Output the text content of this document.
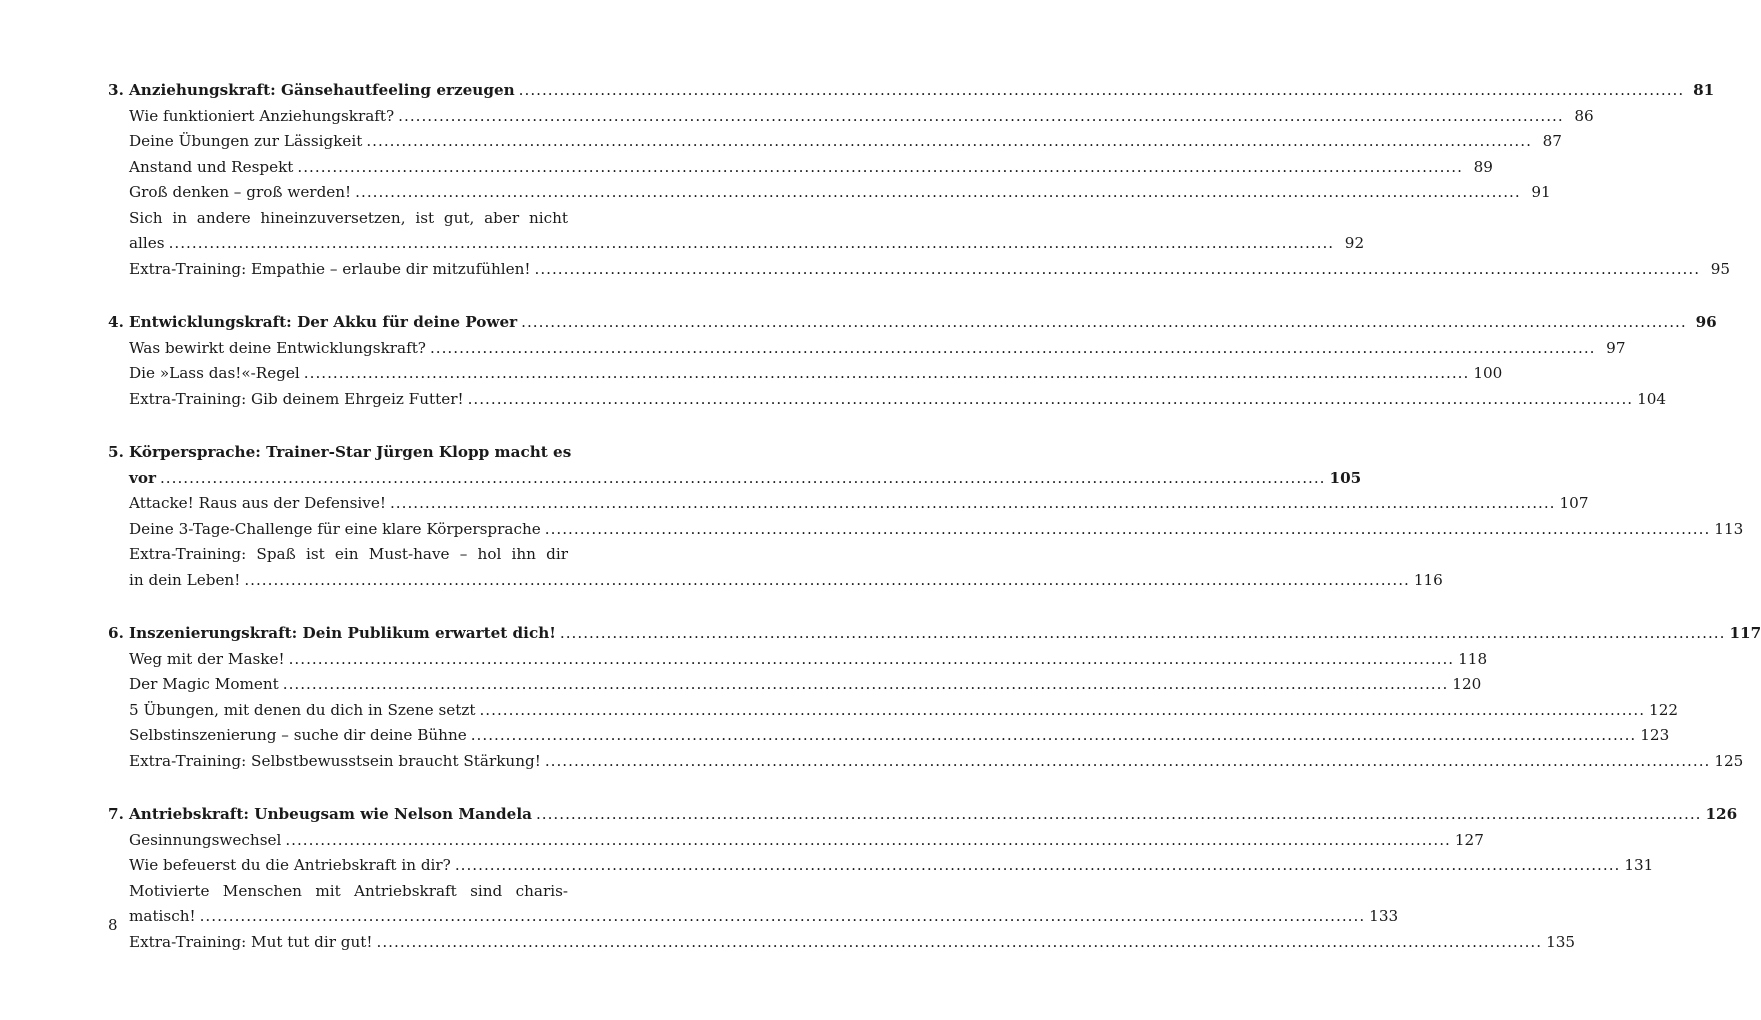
3. Anziehungskraft: Gänsehautfeeling erzeugen ........................................................................................................................................................................................................ 81
Wie funktioniert Anziehungskraft? ........................................................................................................................................................................................................ 86
Deine Übungen zur Lässigkeit ........................................................................................................................................................................................................ 87
Anstand und Respekt ........................................................................................................................................................................................................ 89
Groß denken – groß werden! ........................................................................................................................................................................................................ 91
Sich in andere hineinzuversetzen, ist gut, aber nicht
alles ........................................................................................................................................................................................................ 92
Extra-Training: Empathie – erlaube dir mitzufühlen! ........................................................................................................................................................................................................ 95
4. Entwicklungskraft: Der Akku für deine Power ........................................................................................................................................................................................................ 96
Was bewirkt deine Entwicklungskraft? ........................................................................................................................................................................................................ 97
Die »Lass das!«-Regel ........................................................................................................................................................................................................ 100
Extra-Training: Gib deinem Ehrgeiz Futter! ........................................................................................................................................................................................................ 104
5. Körpersprache: Trainer-Star Jürgen Klopp macht es
vor ........................................................................................................................................................................................................ 105
Attacke! Raus aus der Defensive! ........................................................................................................................................................................................................ 107
Deine 3-Tage-Challenge für eine klare Körpersprache ........................................................................................................................................................................................................ 113
Extra-Training: Spaß ist ein Must-have – hol ihn dir
in dein Leben! ........................................................................................................................................................................................................ 116
6. Inszenierungskraft: Dein Publikum erwartet dich! ........................................................................................................................................................................................................ 117
Weg mit der Maske! ........................................................................................................................................................................................................ 118
Der Magic Moment ........................................................................................................................................................................................................ 120
5 Übungen, mit denen du dich in Szene setzt ........................................................................................................................................................................................................ 122
Selbstinszenierung – suche dir deine Bühne ........................................................................................................................................................................................................ 123
Extra-Training: Selbstbewusstsein braucht Stärkung! ........................................................................................................................................................................................................ 125
7. Antriebskraft: Unbeugsam wie Nelson Mandela ........................................................................................................................................................................................................ 126
Gesinnungswechsel ........................................................................................................................................................................................................ 127
Wie befeuerst du die Antriebskraft in dir? ........................................................................................................................................................................................................ 131
Motivierte Menschen mit Antriebskraft sind charis-
matisch! ........................................................................................................................................................................................................ 133
Extra-Training: Mut tut dir gut! ........................................................................................................................................................................................................ 135
8
